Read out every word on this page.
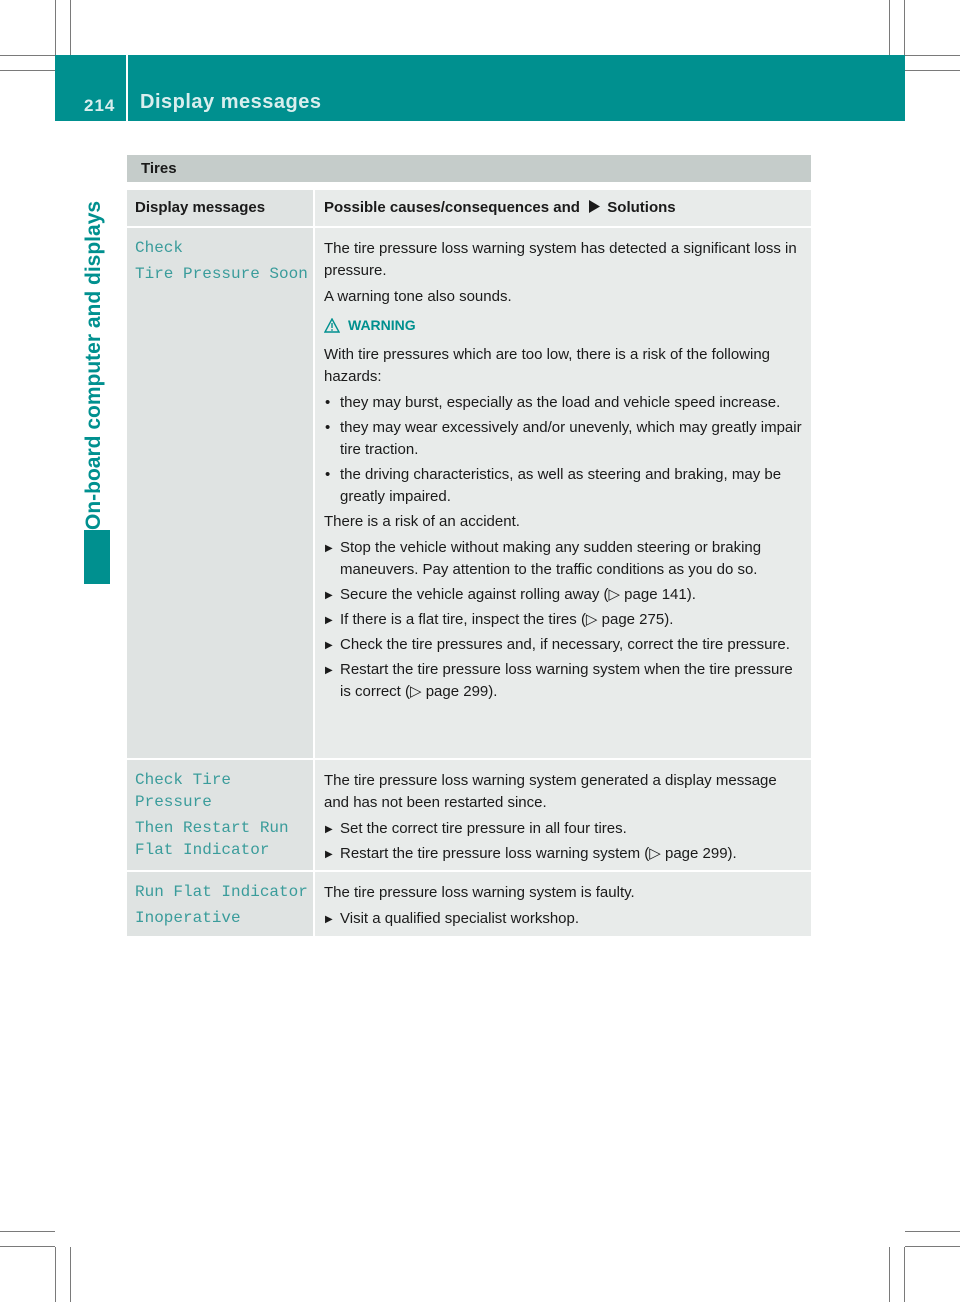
214 Display messages
On-board computer and displays
Tires
Display messages	Possible causes/consequences and Solutions
Check
Tire Pressure Soon

The tire pressure loss warning system has detected a significant loss in pressure.

A warning tone also sounds.

WARNING

With tire pressures which are too low, there is a risk of the following hazards:

• they may burst, especially as the load and vehicle speed increase.
• they may wear excessively and/or unevenly, which may greatly impair tire traction.
• the driving characteristics, as well as steering and braking, may be greatly impaired.

There is a risk of an accident.

▶ Stop the vehicle without making any sudden steering or braking maneuvers. Pay attention to the traffic conditions as you do so.
▶ Secure the vehicle against rolling away (▷ page 141).
▶ If there is a flat tire, inspect the tires (▷ page 275).
▶ Check the tire pressures and, if necessary, correct the tire pressure.
▶ Restart the tire pressure loss warning system when the tire pressure is correct (▷ page 299).
Check Tire Pressure
Then Restart Run Flat Indicator

The tire pressure loss warning system generated a display message and has not been restarted since.

▶ Set the correct tire pressure in all four tires.
▶ Restart the tire pressure loss warning system (▷ page 299).
Run Flat Indicator
Inoperative

The tire pressure loss warning system is faulty.

▶ Visit a qualified specialist workshop.
